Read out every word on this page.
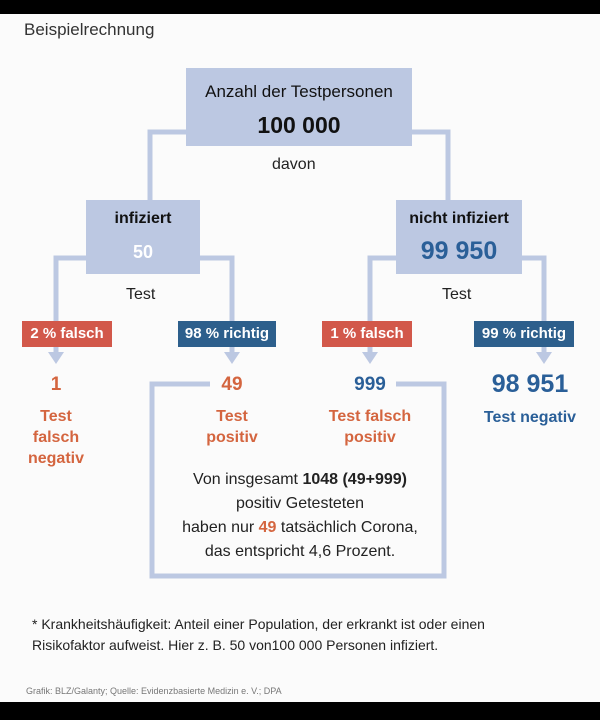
Beispielrechnung
Anzahl der Testpersonen
100 000
davon
infiziert
50
Test
nicht infiziert
99 950
Test
2 % falsch	98 % richtig	1 % falsch	99 % richtig
1
Test falsch negativ
49
Test positiv
999
Test falsch positiv
98 951
Test negativ
Von insgesamt 1048 (49+999)
positiv Getesteten
haben nur 49 tatsächlich Corona,
das entspricht 4,6 Prozent.
* Krankheitshäufigkeit: Anteil einer Population, der erkrankt ist oder einen
Risikofaktor aufweist. Hier z. B. 50 von100 000 Personen infiziert.
Grafik: BLZ/Galanty; Quelle: Evidenzbasierte Medizin e. V.; DPA
